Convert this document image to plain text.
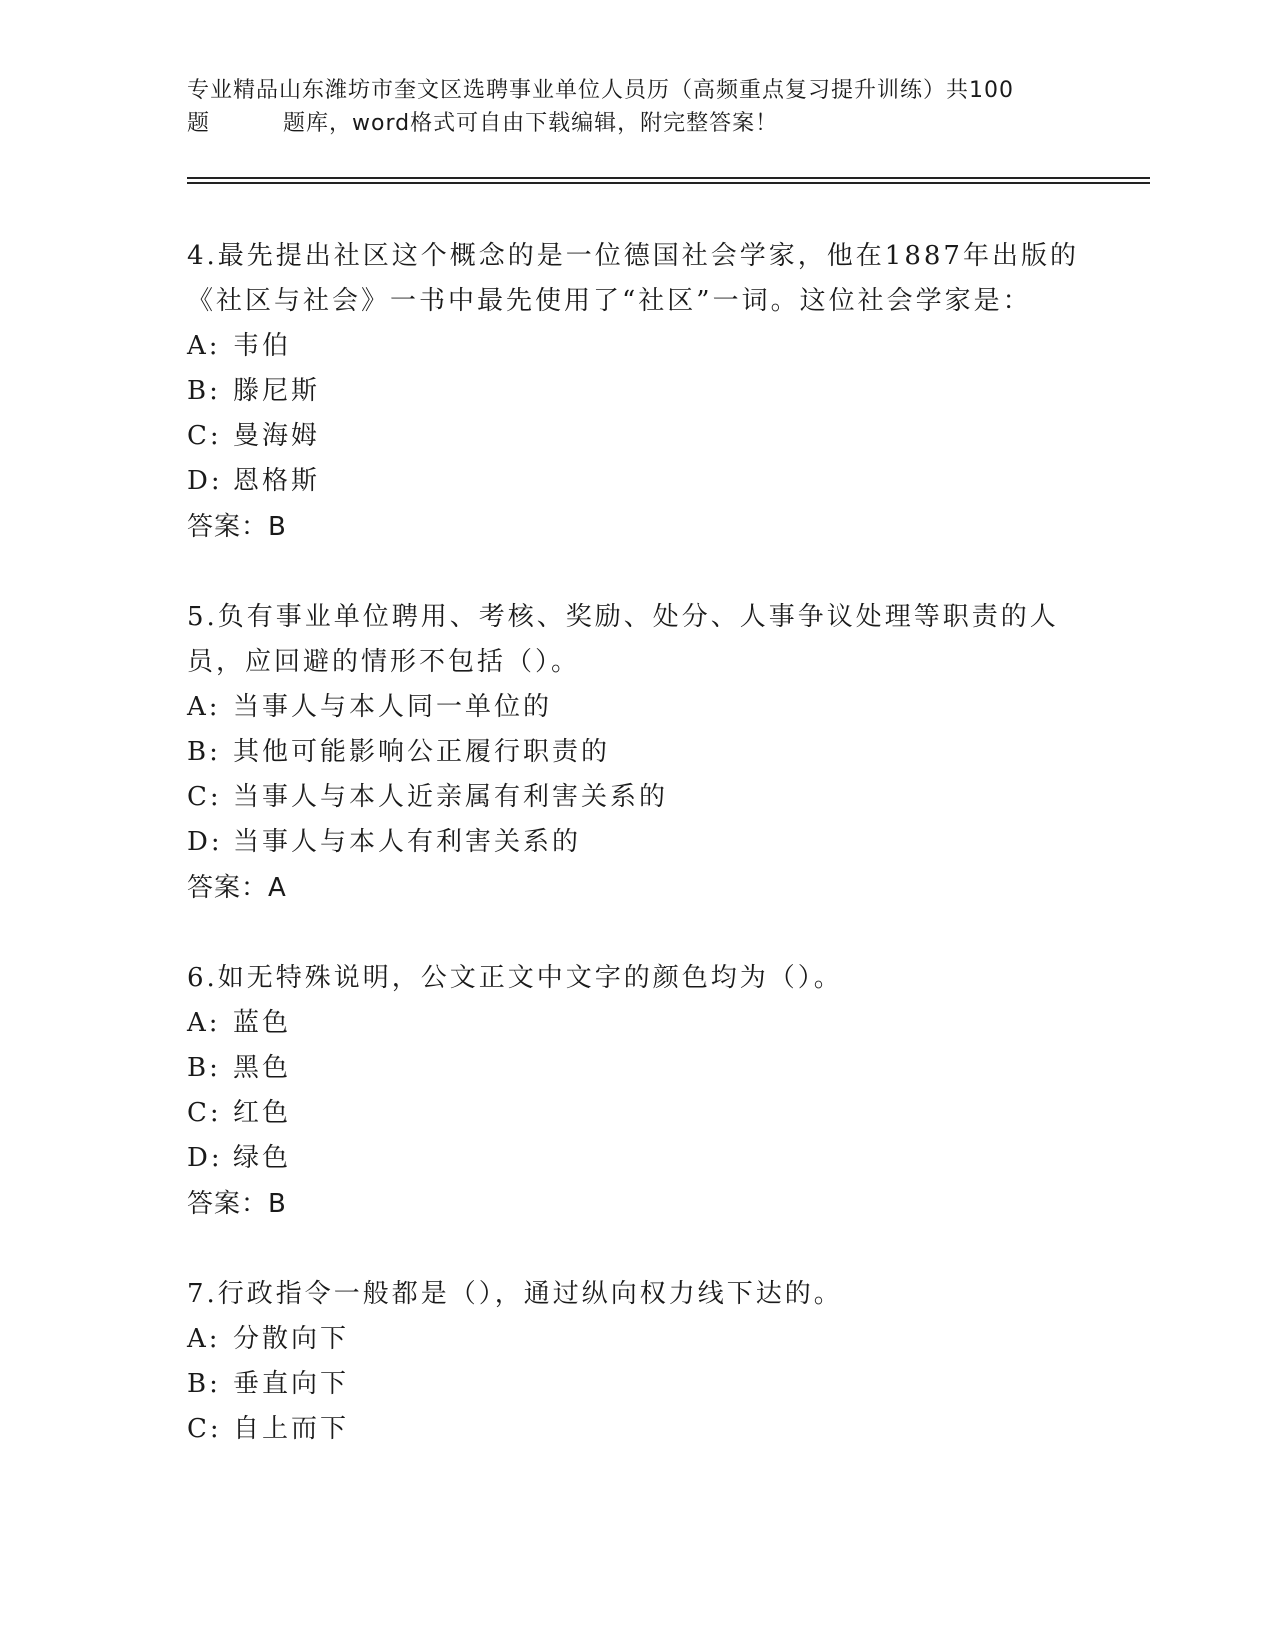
专业精品山东潍坊市奎文区选聘事业单位人员历（高频重点复习提升训练）共100
题	题库，word格式可自由下载编辑，附完整答案！
4.最先提出社区这个概念的是一位德国社会学家，他在1887年出版的
《社区与社会》一书中最先使用了“社区”一词。这位社会学家是：
A: 韦伯
B: 滕尼斯
C: 曼海姆
D: 恩格斯
答案：B
5.负有事业单位聘用、考核、奖励、处分、人事争议处理等职责的人
员，应回避的情形不包括（）。
A: 当事人与本人同一单位的
B: 其他可能影响公正履行职责的
C: 当事人与本人近亲属有利害关系的
D: 当事人与本人有利害关系的
答案：A
6.如无特殊说明，公文正文中文字的颜色均为（）。
A: 蓝色
B: 黑色
C: 红色
D: 绿色
答案：B
7.行政指令一般都是（），通过纵向权力线下达的。
A: 分散向下
B: 垂直向下
C: 自上而下
